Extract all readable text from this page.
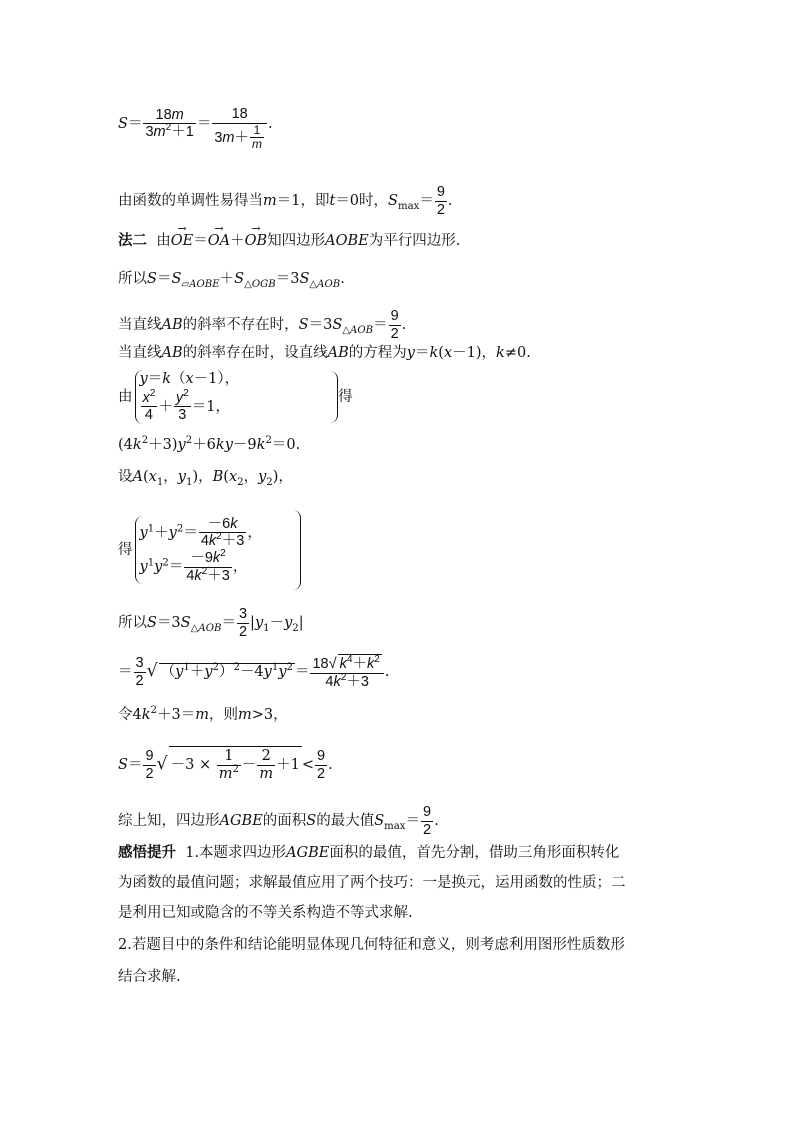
$S= \frac{18m}{3m^2+1} = \frac{18}{3m+ \frac{1}{m}}$ .
由函数的单调性易得当m＝1，即t＝0时，$S_{max}= \frac{9}{2}$ .
法二 由→ OE＝→ OA＋→ OB知四边形AOBE为平行四边形.
所以$S=S_{▱AOBE}+S_{\triangle OGB}=3S_{\triangle AOB}$.
当直线AB的斜率不存在时，$S=3S_{\triangle AOB}= \frac{9}{2}$ .
当直线AB的斜率存在时，设直线AB的方程为y＝k(x－1)，k≠0.
由
y＝k（x－1），
$\frac{x^2}{4} + \frac{y^2}{3} =1$，
得
$(4k^2+3)y^2+6ky-9k^2=0$.
设$A(x_1$，$y_1$)，$B(x_2$，$y_2$)，
得
$y^1+y^2= \frac{-6k}{4k^2+3}$ ，
$y^1y^2= \frac{-9k^2}{4k^2+3}$ ，
所以$S=3S_{\triangle AOB}= \frac{3}{2} |y_1-y_2|$
＝ $\frac{3}{2}$ √ $(y^1+y^2)^2-4y^1y^2 = \frac{18√ k^4+k^2}{4k^2+3}$ .
令$4k^2+3=m$，则m>3，
$S= \frac{9}{2}$ √ $-3 \times \frac{1}{m^2} - \frac{2}{m} +1 < \frac{9}{2}$ .
综上知，四边形AGBE的面积S的最大值$S_{max}= \frac{9}{2}$ .
感悟提升 1.本题求四边形AGBE面积的最值，首先分割，借助三角形面积转化
为函数的最值问题；求解最值应用了两个技巧：一是换元，运用函数的性质；二
是利用已知或隐含的不等关系构造不等式求解.
2.若题目中的条件和结论能明显体现几何特征和意义，则考虑利用图形性质数形
结合求解.
